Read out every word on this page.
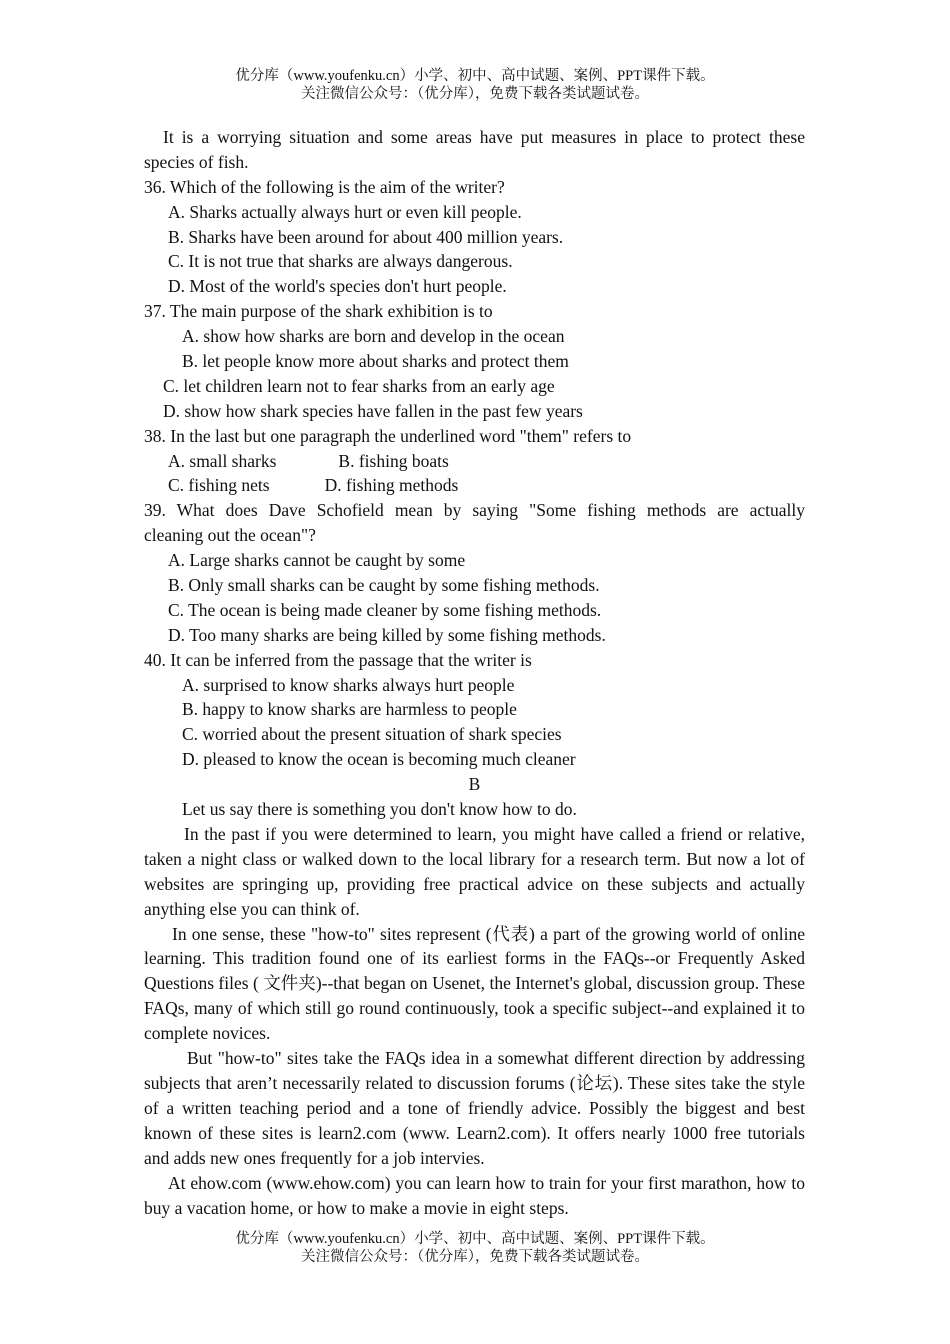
优分库（www.youfenku.cn）小学、初中、高中试题、案例、PPT课件下载。
关注微信公众号：（优分库），免费下载各类试题试卷。
It is a worrying situation and some areas have put measures in place to protect these
species of fish.
36. Which of the following is the aim of the writer?
A. Sharks actually always hurt or even kill people.
B. Sharks have been around for about 400 million years.
C. It is not true that sharks are always dangerous.
D. Most of the world's species don't hurt people.
37. The main purpose of the shark exhibition is to
A. show how sharks are born and develop in the ocean
B. let people know more about sharks and protect them
C. let children learn not to fear sharks from an early age
D. show how shark species have fallen in the past few years
38. In the last but one paragraph the underlined word "them" refers to
A. small sharks	B. fishing boats
C. fishing nets	D. fishing methods
39. What does Dave Schofield mean by saying "Some fishing methods are actually
cleaning out the ocean"?
A. Large sharks cannot be caught by some
B. Only small sharks can be caught by some fishing methods.
C. The ocean is being made cleaner by some fishing methods.
D. Too many sharks are being killed by some fishing methods.
40. It can be inferred from the passage that the writer is
A. surprised to know sharks always hurt people
B. happy to know sharks are harmless to people
C. worried about the present situation of shark species
D. pleased to know the ocean is becoming much cleaner
B
Let us say there is something you don't know how to do.
In the past if you were determined to learn, you might have called a friend or relative, taken a night class or walked down to the local library for a research term. But now a lot of websites are springing up, providing free practical advice on these subjects and actually anything else you can think of.
In one sense, these "how-to" sites represent (代表) a part of the growing world of online learning. This tradition found one of its earliest forms in the FAQs--or Frequently Asked Questions files ( 文件夹)--that began on Usenet, the Internet's global, discussion group. These FAQs, many of which still go round continuously, took a specific subject--and explained it to complete novices.
But "how-to" sites take the FAQs idea in a somewhat different direction by addressing subjects that aren’t necessarily related to discussion forums (论坛). These sites take the style of a written teaching period and a tone of friendly advice. Possibly the biggest and best known of these sites is learn2.com (www. Learn2.com). It offers nearly 1000 free tutorials and adds new ones frequently for a job intervies.
At ehow.com (www.ehow.com) you can learn how to train for your first marathon, how to buy a vacation home, or how to make a movie in eight steps.
优分库（www.youfenku.cn）小学、初中、高中试题、案例、PPT课件下载。
关注微信公众号：（优分库），免费下载各类试题试卷。
